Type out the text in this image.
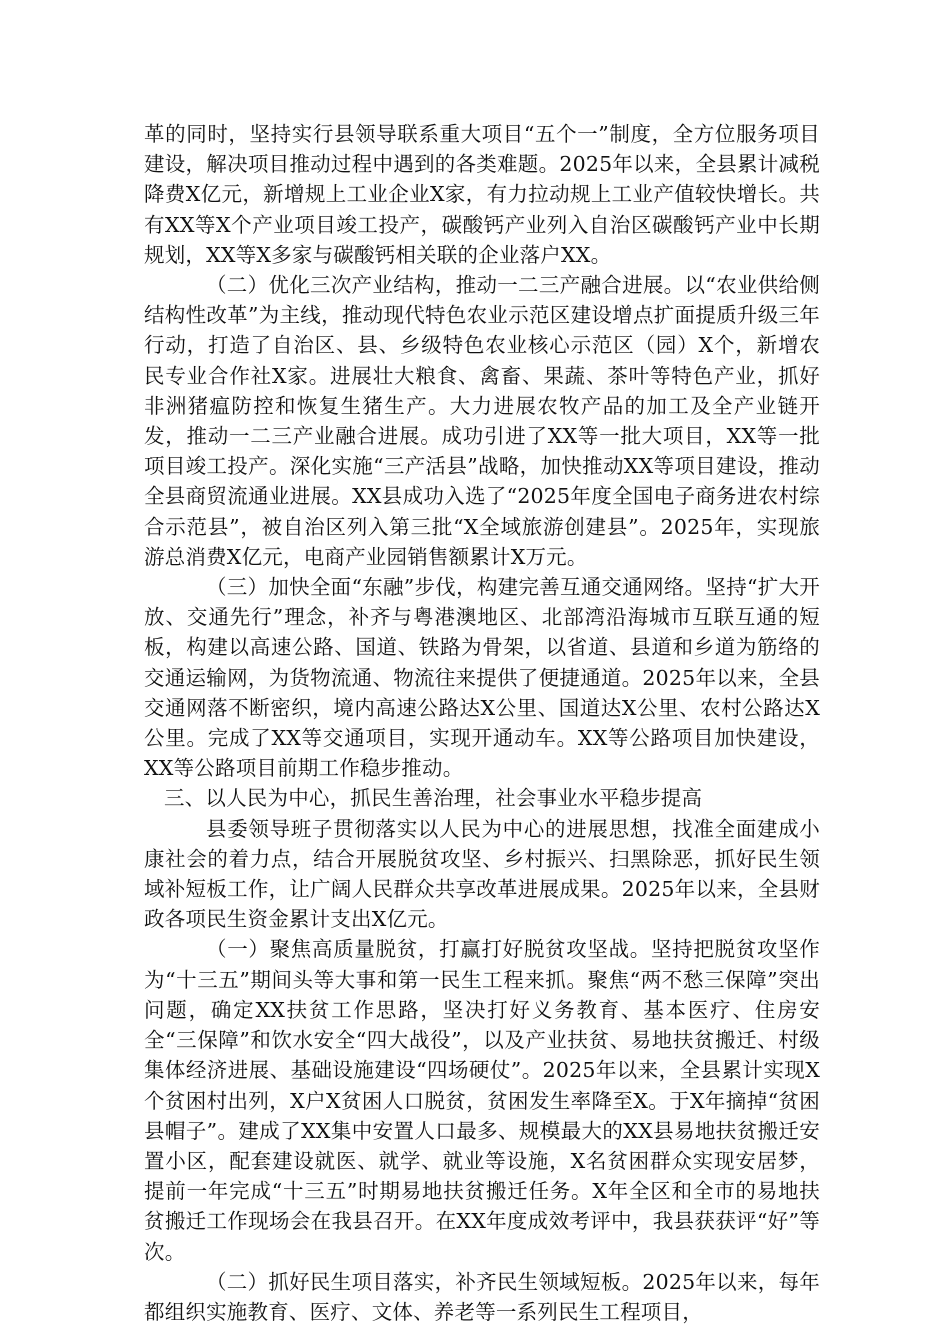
革的同时，坚持实行县领导联系重大项目“五个一”制度，全方位服务项目建设，解决项目推动过程中遇到的各类难题。2025年以来，全县累计减税降费X亿元，新增规上工业企业X家，有力拉动规上工业产值较快增长。共有XX等X个产业项目竣工投产，碳酸钙产业列入自治区碳酸钙产业中长期规划，XX等X多家与碳酸钙相关联的企业落户XX。

（二）优化三次产业结构，推动一二三产融合进展。以“农业供给侧结构性改革”为主线，推动现代特色农业示范区建设增点扩面提质升级三年行动，打造了自治区、县、乡级特色农业核心示范区（园）X个，新增农民专业合作社X家。进展壮大粮食、禽畜、果蔬、茶叶等特色产业，抓好非洲猪瘟防控和恢复生猪生产。大力进展农牧产品的加工及全产业链开发，推动一二三产业融合进展。成功引进了XX等一批大项目，XX等一批项目竣工投产。深化实施“三产活县”战略，加快推动XX等项目建设，推动全县商贸流通业进展。XX县成功入选了“2025年度全国电子商务进农村综合示范县”，被自治区列入第三批“X全域旅游创建县”。2025年，实现旅游总消费X亿元，电商产业园销售额累计X万元。

（三）加快全面“东融”步伐，构建完善互通交通网络。坚持“扩大开放、交通先行”理念，补齐与粤港澳地区、北部湾沿海城市互联互通的短板，构建以高速公路、国道、铁路为骨架，以省道、县道和乡道为筋络的交通运输网，为货物流通、物流往来提供了便捷通道。2025年以来，全县交通网落不断密织，境内高速公路达X公里、国道达X公里、农村公路达X公里。完成了XX等交通项目，实现开通动车。XX等公路项目加快建设，XX等公路项目前期工作稳步推动。

三、以人民为中心，抓民生善治理，社会事业水平稳步提高

县委领导班子贯彻落实以人民为中心的进展思想，找准全面建成小康社会的着力点，结合开展脱贫攻坚、乡村振兴、扫黑除恶，抓好民生领域补短板工作，让广阔人民群众共享改革进展成果。2025年以来，全县财政各项民生资金累计支出X亿元。

（一）聚焦高质量脱贫，打赢打好脱贫攻坚战。坚持把脱贫攻坚作为“十三五”期间头等大事和第一民生工程来抓。聚焦“两不愁三保障”突出问题，确定XX扶贫工作思路，坚决打好义务教育、基本医疗、住房安全“三保障”和饮水安全“四大战役”，以及产业扶贫、易地扶贫搬迁、村级集体经济进展、基础设施建设“四场硬仗”。2025年以来，全县累计实现X个贫困村出列，X户X贫困人口脱贫，贫困发生率降至X。于X年摘掉“贫困县帽子”。建成了XX集中安置人口最多、规模最大的XX县易地扶贫搬迁安置小区，配套建设就医、就学、就业等设施，X名贫困群众实现安居梦，提前一年完成“十三五”时期易地扶贫搬迁任务。X年全区和全市的易地扶贫搬迁工作现场会在我县召开。在XX年度成效考评中，我县获获评“好”等次。

（二）抓好民生项目落实，补齐民生领域短板。2025年以来，每年都组织实施教育、医疗、文体、养老等一系列民生工程项目，
